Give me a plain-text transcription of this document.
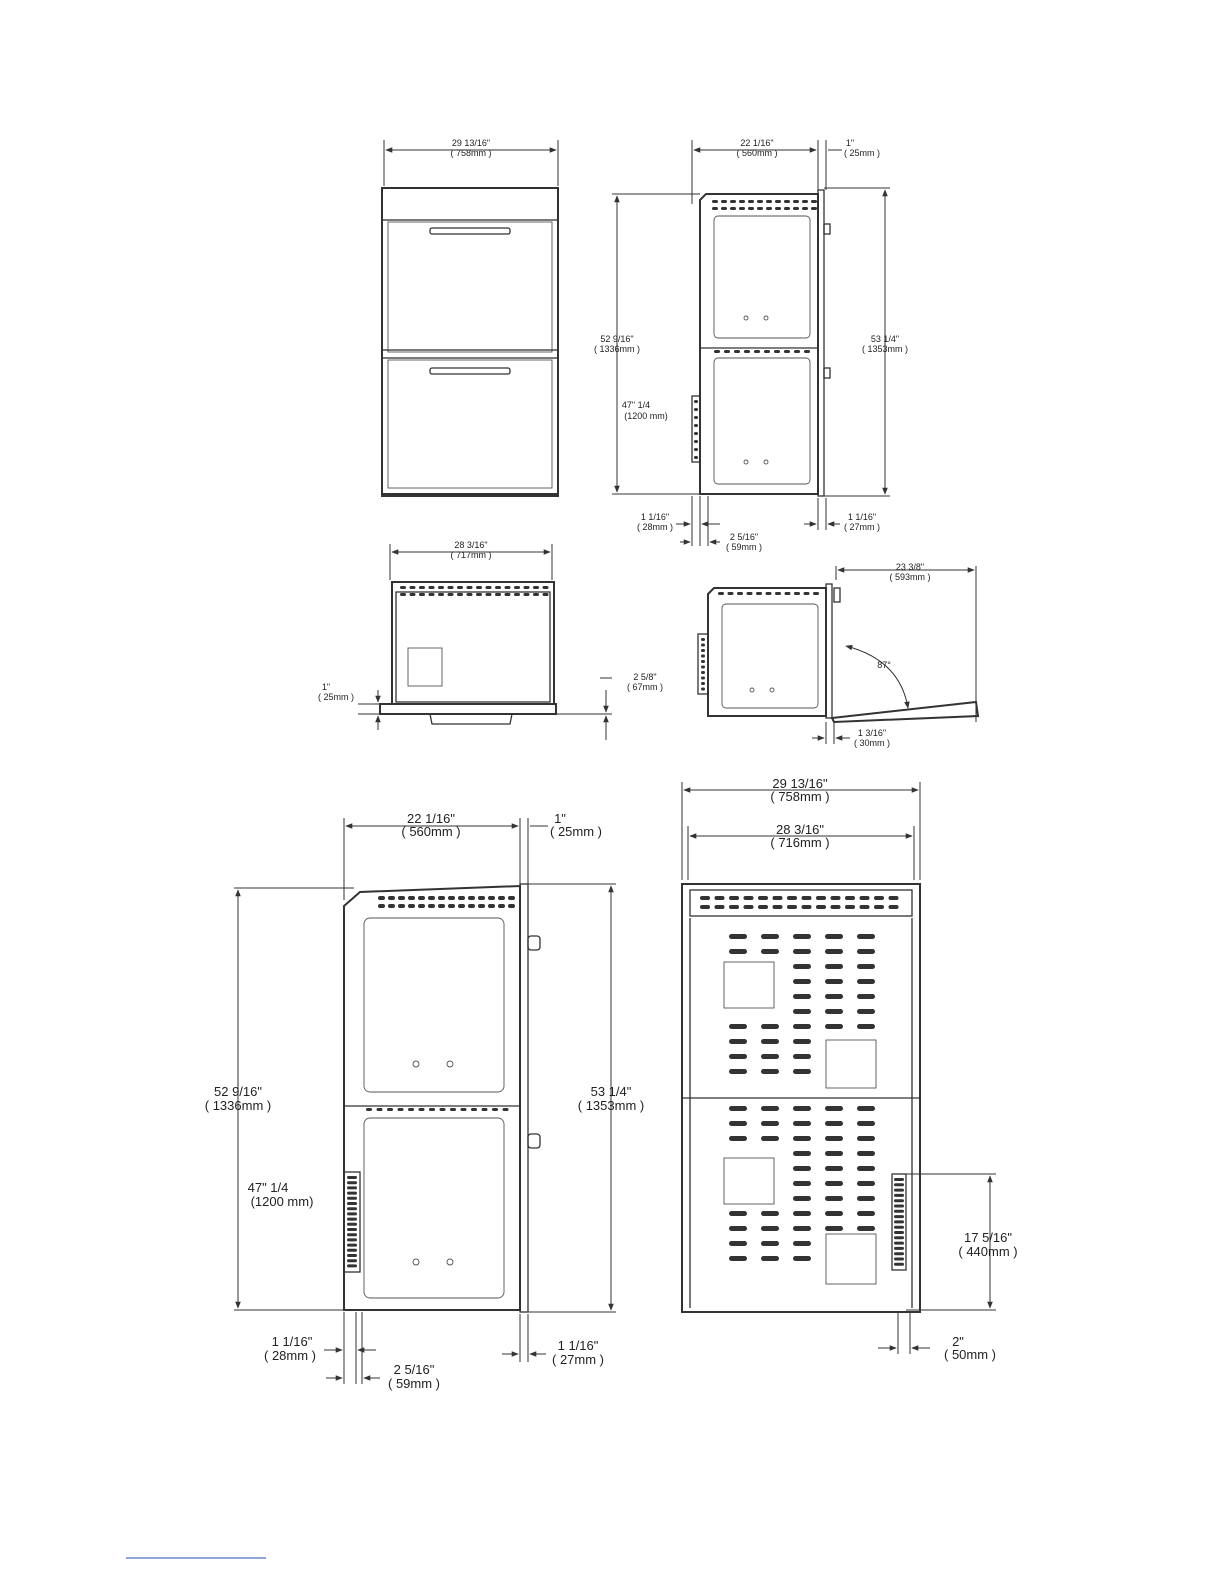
29 13/16"
( 758mm )
22 1/16"
( 560mm )
1"
( 25mm )
52 9/16"
( 1336mm )
53 1/4"
( 1353mm )
47" 1/4
(1200 mm)
1 1/16"
( 28mm )
2 5/16"
( 59mm )
1 1/16"
( 27mm )
28 3/16"
( 717mm )
1"
( 25mm )
2 5/8"
( 67mm )
23 3/8"
( 593mm )
87°
1 3/16"
( 30mm )
22 1/16"
( 560mm )
1"
( 25mm )
52 9/16"
( 1336mm )
53 1/4"
( 1353mm )
47" 1/4
(1200 mm)
1 1/16"
( 28mm )
2 5/16"
( 59mm )
1 1/16"
( 27mm )
29 13/16"
( 758mm )
28 3/16"
( 716mm )
17 5/16"
( 440mm )
2"
( 50mm )
